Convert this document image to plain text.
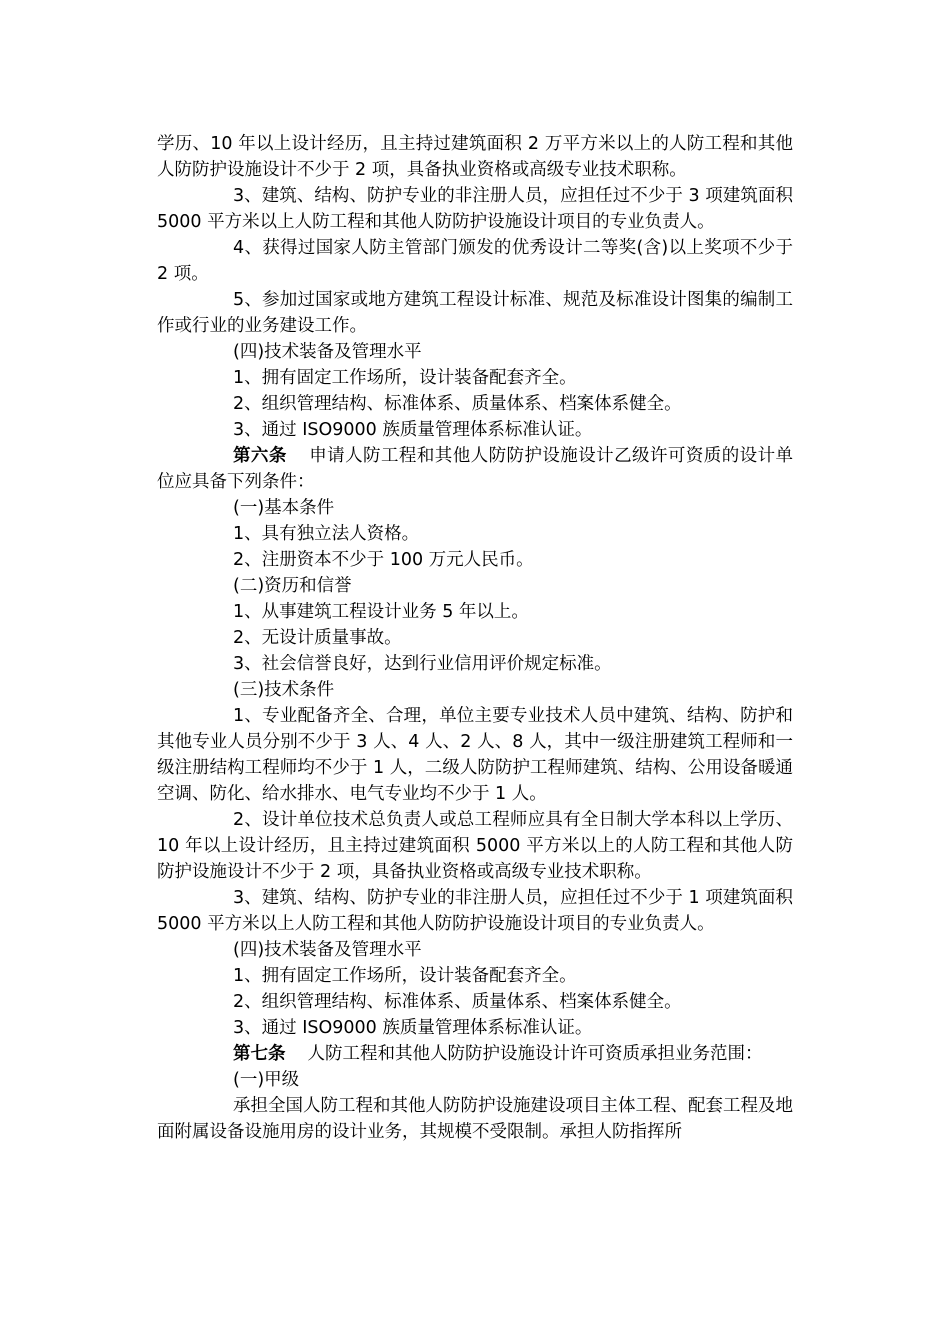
学历、10 年以上设计经历，且主持过建筑面积 2 万平方米以上的人防工程和其他人防防护设施设计不少于 2 项，具备执业资格或高级专业技术职称。
3、建筑、结构、防护专业的非注册人员，应担任过不少于 3 项建筑面积 5000 平方米以上人防工程和其他人防防护设施设计项目的专业负责人。
4、获得过国家人防主管部门颁发的优秀设计二等奖(含)以上奖项不少于 2 项。
5、参加过国家或地方建筑工程设计标准、规范及标准设计图集的编制工作或行业的业务建设工作。
(四)技术装备及管理水平
1、拥有固定工作场所，设计装备配套齐全。
2、组织管理结构、标准体系、质量体系、档案体系健全。
3、通过 ISO9000 族质量管理体系标准认证。
第六条 申请人防工程和其他人防防护设施设计乙级许可资质的设计单位应具备下列条件：
(一)基本条件
1、具有独立法人资格。
2、注册资本不少于 100 万元人民币。
(二)资历和信誉
1、从事建筑工程设计业务 5 年以上。
2、无设计质量事故。
3、社会信誉良好，达到行业信用评价规定标准。
(三)技术条件
1、专业配备齐全、合理，单位主要专业技术人员中建筑、结构、防护和其他专业人员分别不少于 3 人、4 人、2 人、8 人，其中一级注册建筑工程师和一级注册结构工程师均不少于 1 人，二级人防防护工程师建筑、结构、公用设备暖通空调、防化、给水排水、电气专业均不少于 1 人。
2、设计单位技术总负责人或总工程师应具有全日制大学本科以上学历、10 年以上设计经历，且主持过建筑面积 5000 平方米以上的人防工程和其他人防防护设施设计不少于 2 项，具备执业资格或高级专业技术职称。
3、建筑、结构、防护专业的非注册人员，应担任过不少于 1 项建筑面积 5000 平方米以上人防工程和其他人防防护设施设计项目的专业负责人。
(四)技术装备及管理水平
1、拥有固定工作场所，设计装备配套齐全。
2、组织管理结构、标准体系、质量体系、档案体系健全。
3、通过 ISO9000 族质量管理体系标准认证。
第七条 人防工程和其他人防防护设施设计许可资质承担业务范围：
(一)甲级
承担全国人防工程和其他人防防护设施建设项目主体工程、配套工程及地面附属设备设施用房的设计业务，其规模不受限制。承担人防指挥所
